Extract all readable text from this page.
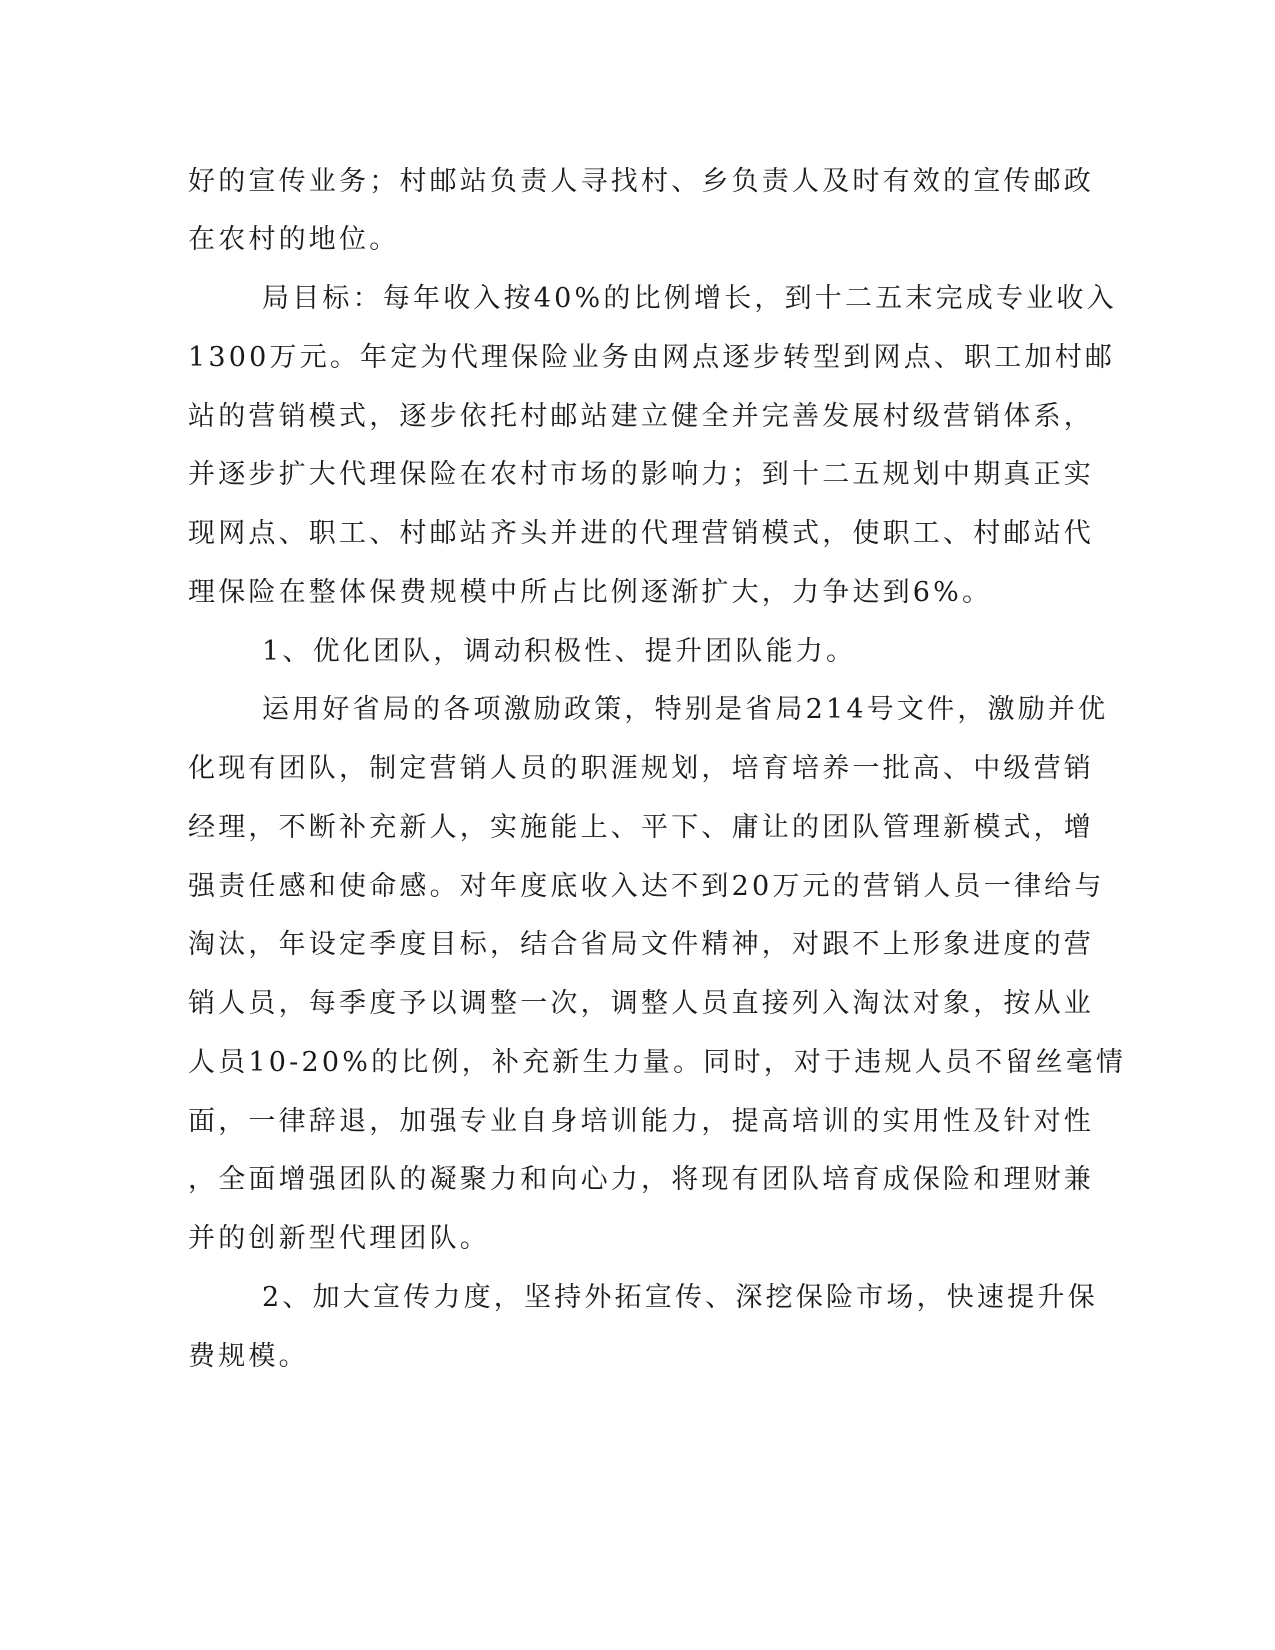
好的宣传业务；村邮站负责人寻找村、乡负责人及时有效的宣传邮政

在农村的地位。

局目标：每年收入按40%的比例增长，到十二五末完成专业收入

1300万元。年定为代理保险业务由网点逐步转型到网点、职工加村邮

站的营销模式，逐步依托村邮站建立健全并完善发展村级营销体系，

并逐步扩大代理保险在农村市场的影响力；到十二五规划中期真正实

现网点、职工、村邮站齐头并进的代理营销模式，使职工、村邮站代

理保险在整体保费规模中所占比例逐渐扩大，力争达到6%。

1、优化团队，调动积极性、提升团队能力。

运用好省局的各项激励政策，特别是省局214号文件，激励并优

化现有团队，制定营销人员的职涯规划，培育培养一批高、中级营销

经理，不断补充新人，实施能上、平下、庸让的团队管理新模式，增

强责任感和使命感。对年度底收入达不到20万元的营销人员一律给与

淘汰，年设定季度目标，结合省局文件精神，对跟不上形象进度的营

销人员，每季度予以调整一次，调整人员直接列入淘汰对象，按从业

人员10-20%的比例，补充新生力量。同时，对于违规人员不留丝毫情

面，一律辞退，加强专业自身培训能力，提高培训的实用性及针对性

，全面增强团队的凝聚力和向心力，将现有团队培育成保险和理财兼

并的创新型代理团队。

2、加大宣传力度，坚持外拓宣传、深挖保险市场，快速提升保

费规模。
